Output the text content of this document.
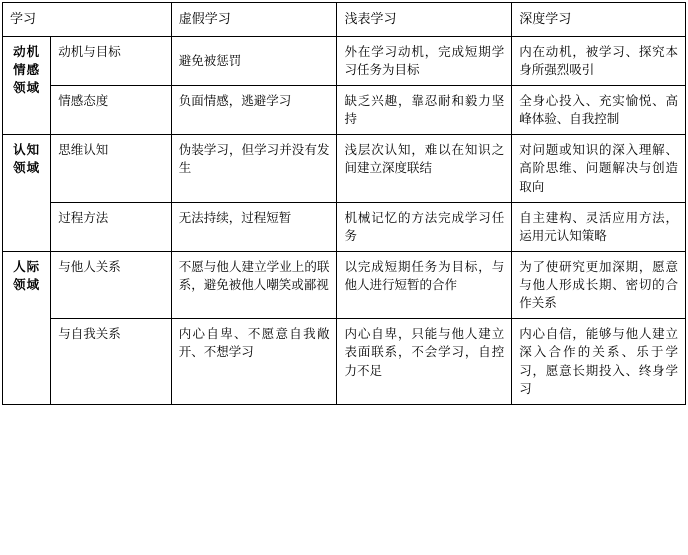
学习		虚假学习	浅表学习	深度学习

动机情感领域	动机与目标	避免被惩罚	外在学习动机，完成短期学习任务为目标	内在动机，被学习、探究本身所强烈吸引
	情感态度	负面情感，逃避学习	缺乏兴趣，靠忍耐和毅力坚持	全身心投入、充实愉悦、高峰体验、自我控制

认知领域	思维认知	伪装学习，但学习并没有发生	浅层次认知，难以在知识之间建立深度联结	对问题或知识的深入理解、高阶思维、问题解决与创造取向
	过程方法	无法持续，过程短暂	机械记忆的方法完成学习任务	自主建构、灵活应用方法， 运用元认知策略

人际领域	与他人关系	不愿与他人建立学业上的联系，避免被他人嘲笑或鄙视	以完成短期任务为目标，与他人进行短暂的合作	为了使研究更加深期，愿意与他人形成长期、密切的合作关系
	与自我关系	内心自卑、不愿意自我敞开、不想学习	内心自卑，只能与他人建立表面联系，不会学习，自控力不足	内心自信，能够与他人建立深入合作的关系、乐于学习，愿意长期投入、终身学习
